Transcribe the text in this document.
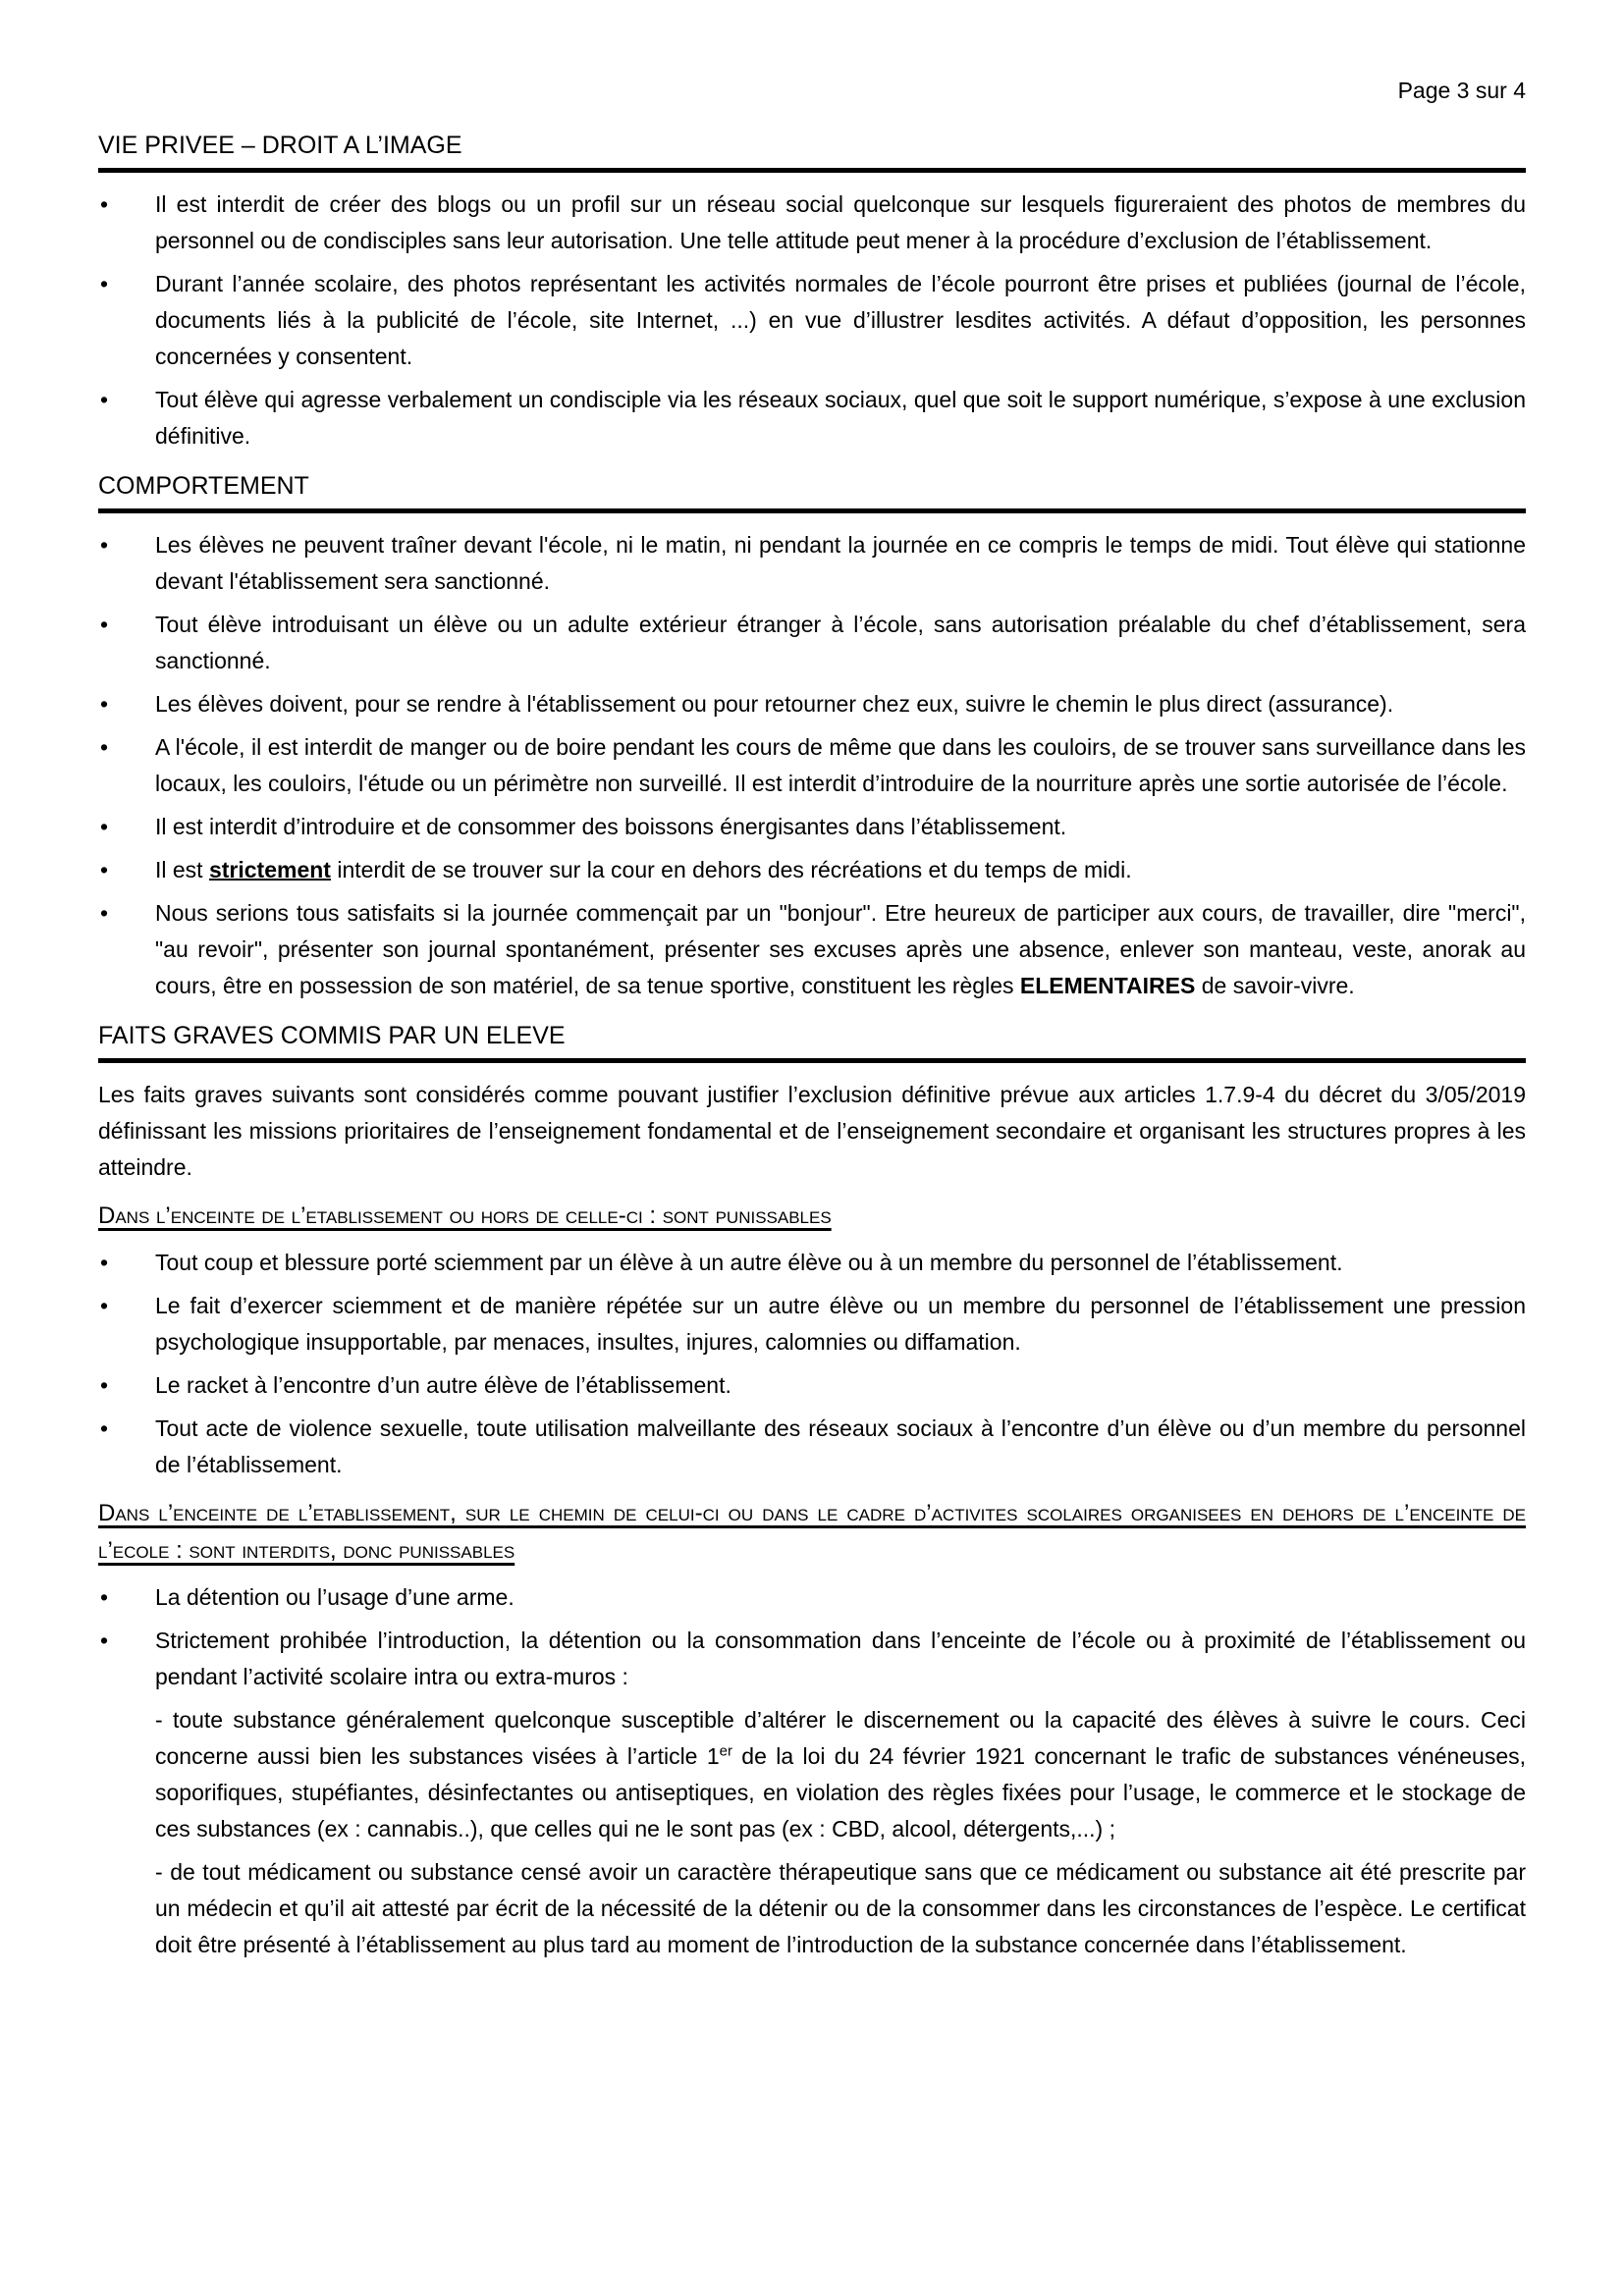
Page 3 sur 4
VIE PRIVEE – DROIT A L’IMAGE
• Il est interdit de créer des blogs ou un profil sur un réseau social quelconque sur lesquels figureraient des photos de membres du personnel ou de condisciples sans leur autorisation. Une telle attitude peut mener à la procédure d’exclusion de l’établissement.

• Durant l’année scolaire, des photos représentant les activités normales de l’école pourront être prises et publiées (journal de l’école, documents liés à la publicité de l’école, site Internet, ...) en vue d’illustrer lesdites activités. A défaut d’opposition, les personnes concernées y consentent.

• Tout élève qui agresse verbalement un condisciple via les réseaux sociaux, quel que soit le support numérique, s’expose à une exclusion définitive.

COMPORTEMENT
• Les élèves ne peuvent traîner devant l'école, ni le matin, ni pendant la journée en ce compris le temps de midi. Tout élève qui stationne devant l'établissement sera sanctionné.

• Tout élève introduisant un élève ou un adulte extérieur étranger à l’école, sans autorisation préalable du chef d’établissement, sera sanctionné.

• Les élèves doivent, pour se rendre à l'établissement ou pour retourner chez eux, suivre le chemin le plus direct (assurance).

• A l'école, il est interdit de manger ou de boire pendant les cours de même que dans les couloirs, de se trouver sans surveillance dans les locaux, les couloirs, l'étude ou un périmètre non surveillé. Il est interdit d’introduire de la nourriture après une sortie autorisée de l’école.

• Il est interdit d’introduire et de consommer des boissons énergisantes dans l’établissement.

• Il est strictement interdit de se trouver sur la cour en dehors des récréations et du temps de midi.

• Nous serions tous satisfaits si la journée commençait par un "bonjour". Etre heureux de participer aux cours, de travailler, dire "merci", "au revoir", présenter son journal spontanément, présenter ses excuses après une absence, enlever son manteau, veste, anorak au cours, être en possession de son matériel, de sa tenue sportive, constituent les règles ELEMENTAIRES de savoir-vivre.

FAITS GRAVES COMMIS PAR UN ELEVE

Les faits graves suivants sont considérés comme pouvant justifier l’exclusion définitive prévue aux articles 1.7.9-4 du décret du 3/05/2019 définissant les missions prioritaires de l’enseignement fondamental et de l’enseignement secondaire et organisant les structures propres à les atteindre.

Dans l’enceinte de l’etablissement ou hors de celle-ci : sont punissables
• Tout coup et blessure porté sciemment par un élève à un autre élève ou à un membre du personnel de l’établissement.

• Le fait d’exercer sciemment et de manière répétée sur un autre élève ou un membre du personnel de l’établissement une pression psychologique insupportable, par menaces, insultes, injures, calomnies ou diffamation.

• Le racket à l’encontre d’un autre élève de l’établissement.

• Tout acte de violence sexuelle, toute utilisation malveillante des réseaux sociaux à l’encontre d’un élève ou d’un membre du personnel de l’établissement.

Dans l’enceinte de l’etablissement, sur le chemin de celui-ci ou dans le cadre d’activites scolaires organisees en dehors de l’enceinte de l’ecole : sont interdits, donc punissables
• La détention ou l’usage d’une arme.

• Strictement prohibée l’introduction, la détention ou la consommation dans l’enceinte de l’école ou à proximité de l’établissement ou pendant l’activité scolaire intra ou extra-muros :

- toute substance généralement quelconque susceptible d’altérer le discernement ou la capacité des élèves à suivre le cours. Ceci concerne aussi bien les substances visées à l’article 1er de la loi du 24 février 1921 concernant le trafic de substances vénéneuses, soporifiques, stupéfiantes, désinfectantes ou antiseptiques, en violation des règles fixées pour l’usage, le commerce et le stockage de ces substances (ex : cannabis..), que celles qui ne le sont pas (ex : CBD, alcool, détergents,...) ;

- de tout médicament ou substance censé avoir un caractère thérapeutique sans que ce médicament ou substance ait été prescrite par un médecin et qu’il ait attesté par écrit de la nécessité de la détenir ou de la consommer dans les circonstances de l’espèce. Le certificat doit être présenté à l’établissement au plus tard au moment de l’introduction de la substance concernée dans l’établissement.
